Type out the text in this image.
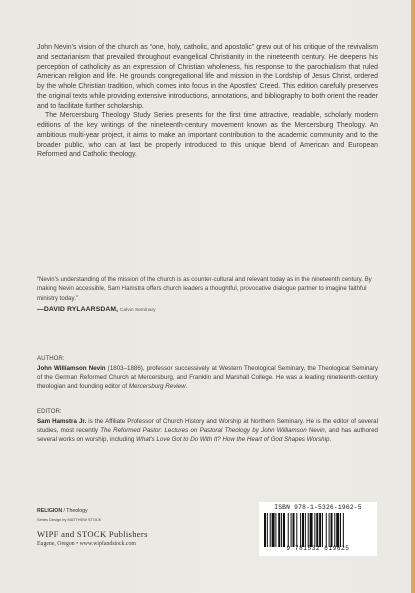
John Nevin's vision of the church as “one, holy, catholic, and apostolic” grew out of his critique of the revivalism and sectarianism that prevailed throughout evangelical Christianity in the nineteenth century. He deepens his perception of catholicity as an expression of Christian wholeness, his response to the parochialism that ruled American religion and life. He grounds congregational life and mission in the Lordship of Jesus Christ, ordered by the whole Christian tradition, which comes into focus in the Apostles' Creed. This edition carefully preserves the original texts while providing extensive introductions, annotations, and bibliography to both orient the reader and to facilitate further scholarship.

The Mercersburg Theology Study Series presents for the first time attractive, readable, scholarly modern editions of the key writings of the nineteenth-century movement known as the Mercersburg Theology. An ambitious multi-year project, it aims to make an important contribution to the academic community and to the broader public, who can at last be properly introduced to this unique blend of American and European Reformed and Catholic theology.

“Nevin's understanding of the mission of the church is as counter-cultural and relevant today as in the nineteenth century. By making Nevin accessible, Sam Hamstra offers church leaders a thoughtful, provocative dialogue partner to imagine faithful ministry today.”
—DAVID RYLAARSDAM, Calvin Seminary
AUTHOR:
John Williamson Nevin (1803–1886), professor successively at Western Theological Seminary, the Theological Seminary of the German Reformed Church at Mercersburg, and Franklin and Marshall College. He was a leading nineteenth-century theologian and founding editor of Mercersburg Review.
EDITOR:
Sam Hamstra Jr. is the Affiliate Professor of Church History and Worship at Northern Seminary. He is the editor of several studies, most recently The Reformed Pastor: Lectures on Pastoral Theology by John Williamson Nevin, and has authored several works on worship, including What's Love Got to Do With It? How the Heart of God Shapes Worship.
RELIGION / Theology
Series Design by MATTHEW STOCK
WIPF and STOCK Publishers
Eugene, Oregon • www.wipfandstock.com
ISBN 978-1-5326-1962-5
9 781532 619625
